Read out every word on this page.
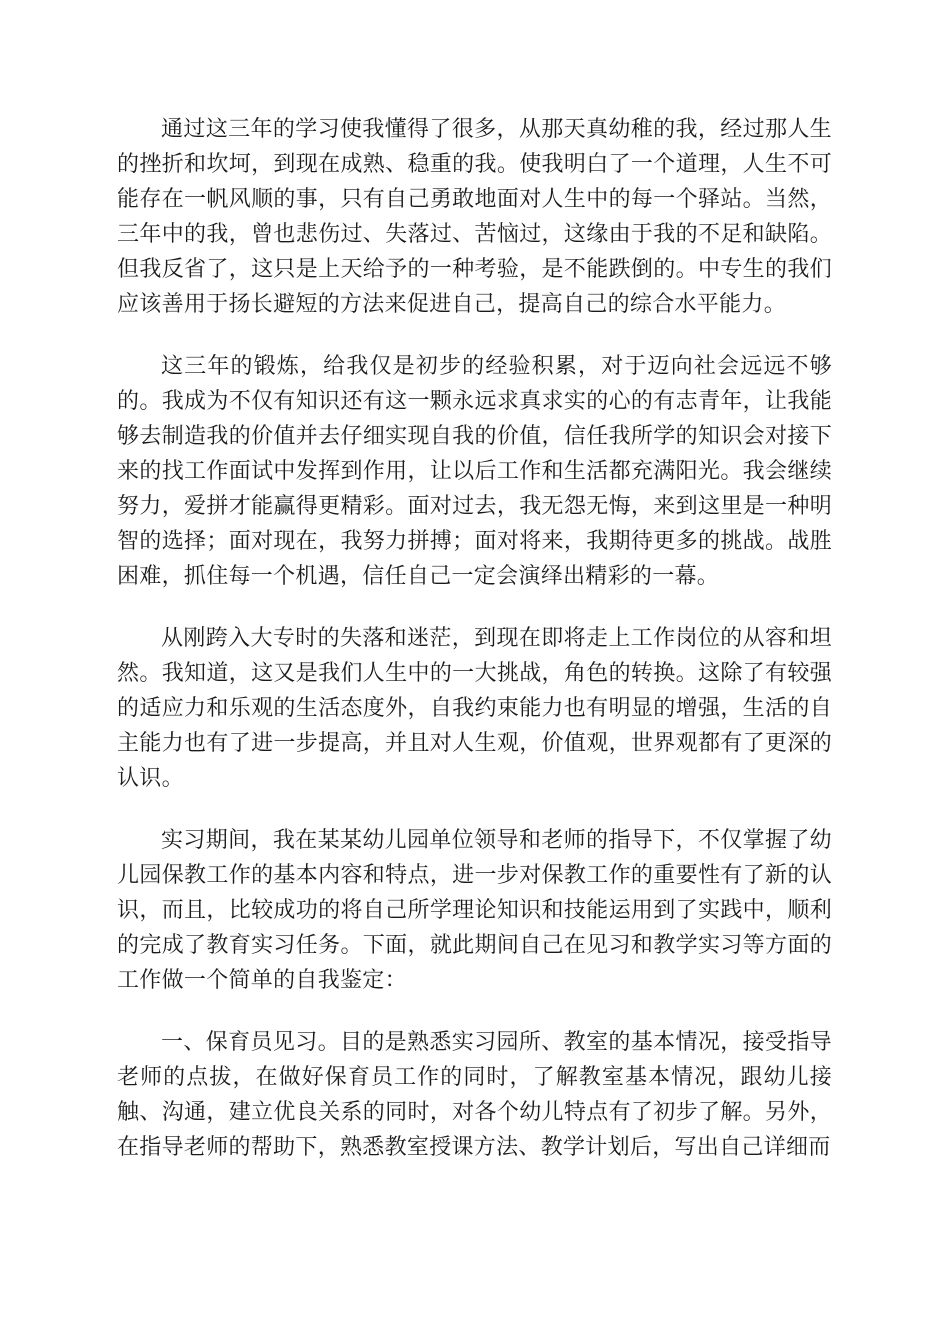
通过这三年的学习使我懂得了很多，从那天真幼稚的我，经过那人生的挫折和坎坷，到现在成熟、稳重的我。使我明白了一个道理，人生不可能存在一帆风顺的事，只有自己勇敢地面对人生中的每一个驿站。当然，三年中的我，曾也悲伤过、失落过、苦恼过，这缘由于我的不足和缺陷。但我反省了，这只是上天给予的一种考验，是不能跌倒的。中专生的我们应该善用于扬长避短的方法来促进自己，提高自己的综合水平能力。

这三年的锻炼，给我仅是初步的经验积累，对于迈向社会远远不够的。我成为不仅有知识还有这一颗永远求真求实的心的有志青年，让我能够去制造我的价值并去仔细实现自我的价值，信任我所学的知识会对接下来的找工作面试中发挥到作用，让以后工作和生活都充满阳光。我会继续努力，爱拼才能赢得更精彩。面对过去，我无怨无悔，来到这里是一种明智的选择；面对现在，我努力拼搏；面对将来，我期待更多的挑战。战胜困难，抓住每一个机遇，信任自己一定会演绎出精彩的一幕。

从刚跨入大专时的失落和迷茫，到现在即将走上工作岗位的从容和坦然。我知道，这又是我们人生中的一大挑战，角色的转换。这除了有较强的适应力和乐观的生活态度外，自我约束能力也有明显的增强，生活的自主能力也有了进一步提高，并且对人生观，价值观，世界观都有了更深的认识。

实习期间，我在某某幼儿园单位领导和老师的指导下，不仅掌握了幼儿园保教工作的基本内容和特点，进一步对保教工作的重要性有了新的认识，而且，比较成功的将自己所学理论知识和技能运用到了实践中，顺利的完成了教育实习任务。下面，就此期间自己在见习和教学实习等方面的工作做一个简单的自我鉴定：

一、保育员见习。目的是熟悉实习园所、教室的基本情况，接受指导老师的点拔，在做好保育员工作的同时，了解教室基本情况，跟幼儿接触、沟通，建立优良关系的同时，对各个幼儿特点有了初步了解。另外，在指导老师的帮助下，熟悉教室授课方法、教学计划后，写出自己详细而
